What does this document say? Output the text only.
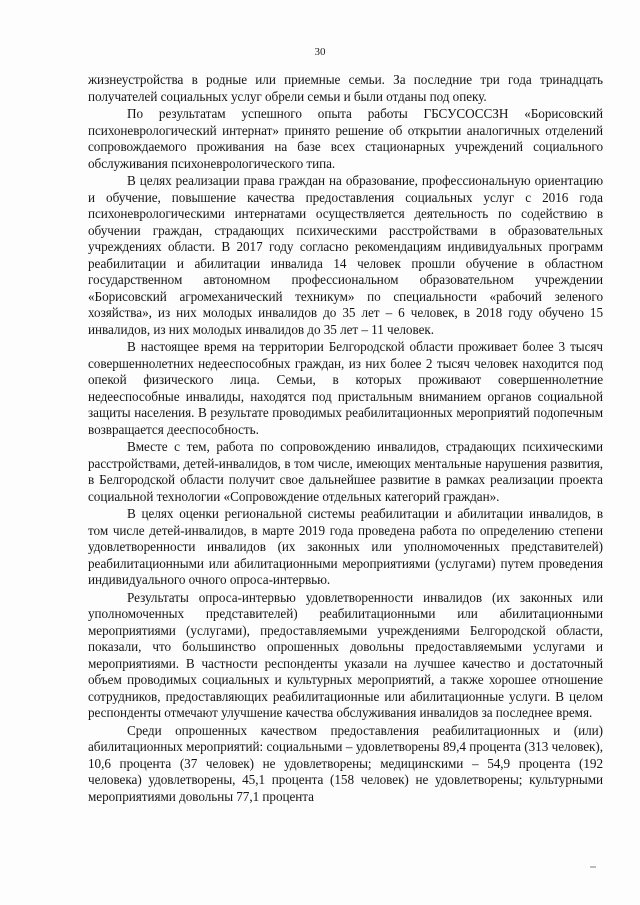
30

жизнеустройства в родные или приемные семьи. За последние три года тринадцать получателей социальных услуг обрели семьи и были отданы под опеку.

По результатам успешного опыта работы ГБСУСОССЗН «Борисовский психоневрологический интернат» принято решение об открытии аналогичных отделений сопровождаемого проживания на базе всех стационарных учреждений социального обслуживания психоневрологического типа.

В целях реализации права граждан на образование, профессиональную ориентацию и обучение, повышение качества предоставления социальных услуг с 2016 года психоневрологическими интернатами осуществляется деятельность по содействию в обучении граждан, страдающих психическими расстройствами в образовательных учреждениях области. В 2017 году согласно рекомендациям индивидуальных программ реабилитации и абилитации инвалида 14 человек прошли обучение в областном государственном автономном профессиональном образовательном учреждении «Борисовский агромеханический техникум» по специальности «рабочий зеленого хозяйства», из них молодых инвалидов до 35 лет – 6 человек, в 2018 году обучено 15 инвалидов, из них молодых инвалидов до 35 лет – 11 человек.

В настоящее время на территории Белгородской области проживает более 3 тысяч совершеннолетних недееспособных граждан, из них более 2 тысяч человек находится под опекой физического лица. Семьи, в которых проживают совершеннолетние недееспособные инвалиды, находятся под пристальным вниманием органов социальной защиты населения. В результате проводимых реабилитационных мероприятий подопечным возвращается дееспособность.

Вместе с тем, работа по сопровождению инвалидов, страдающих психическими расстройствами, детей-инвалидов, в том числе, имеющих ментальные нарушения развития, в Белгородской области получит свое дальнейшее развитие в рамках реализации проекта социальной технологии «Сопровождение отдельных категорий граждан».

В целях оценки региональной системы реабилитации и абилитации инвалидов, в том числе детей-инвалидов, в марте 2019 года проведена работа по определению степени удовлетворенности инвалидов (их законных или уполномоченных представителей) реабилитационными или абилитационными мероприятиями (услугами) путем проведения индивидуального очного опроса-интервью.

Результаты опроса-интервью удовлетворенности инвалидов (их законных или уполномоченных представителей) реабилитационными или абилитационными мероприятиями (услугами), предоставляемыми учреждениями Белгородской области, показали, что большинство опрошенных довольны предоставляемыми услугами и мероприятиями. В частности респонденты указали на лучшее качество и достаточный объем проводимых социальных и культурных мероприятий, а также хорошее отношение сотрудников, предоставляющих реабилитационные или абилитационные услуги. В целом респонденты отмечают улучшение качества обслуживания инвалидов за последнее время.

Среди опрошенных качеством предоставления реабилитационных и (или) абилитационных мероприятий: социальными – удовлетворены 89,4 процента (313 человек), 10,6 процента (37 человек) не удовлетворены; медицинскими – 54,9 процента (192 человека) удовлетворены, 45,1 процента (158 человек) не удовлетворены; культурными мероприятиями довольны 77,1 процента
